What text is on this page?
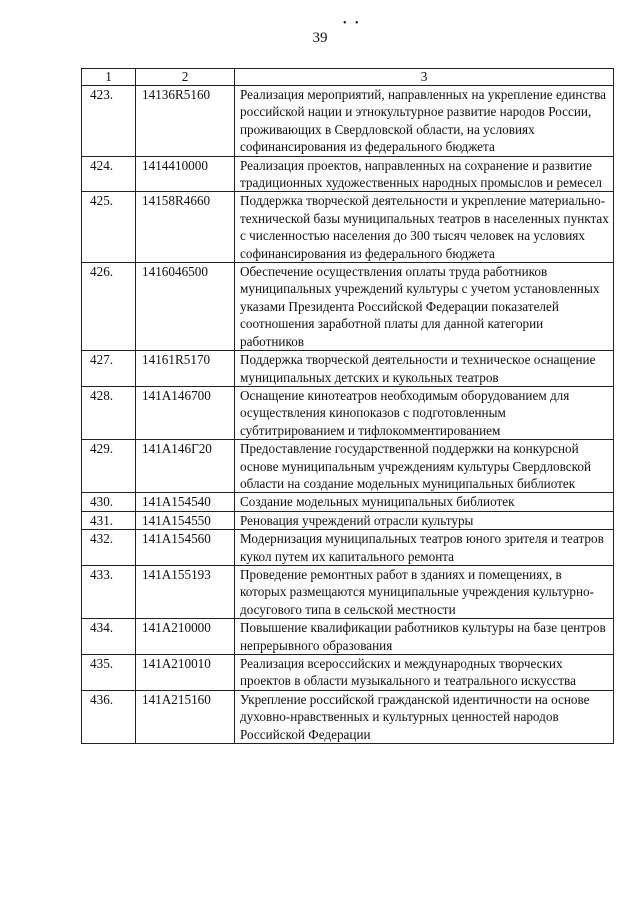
39
• •
1	2	3
423.	14136R5160	Реализация мероприятий, направленных на укрепление единства российской нации и этнокультурное развитие народов России, проживающих в Свердловской области, на условиях софинансирования из федерального бюджета
424.	1414410000	Реализация проектов, направленных на сохранение и развитие традиционных художественных народных промыслов и ремесел
425.	14158R4660	Поддержка творческой деятельности и укрепление материально-технической базы муниципальных театров в населенных пунктах с численностью населения до 300 тысяч человек на условиях софинансирования из федерального бюджета
426.	1416046500	Обеспечение осуществления оплаты труда работников муниципальных учреждений культуры с учетом установленных указами Президента Российской Федерации показателей соотношения заработной платы для данной категории работников
427.	14161R5170	Поддержка творческой деятельности и техническое оснащение муниципальных детских и кукольных театров
428.	141A146700	Оснащение кинотеатров необходимым оборудованием для осуществления кинопоказов с подготовленным субтитрированием и тифлокомментированием
429.	141A146Г20	Предоставление государственной поддержки на конкурсной основе муниципальным учреждениям культуры Свердловской области на создание модельных муниципальных библиотек
430.	141A154540	Создание модельных муниципальных библиотек
431.	141A154550	Реновация учреждений отрасли культуры
432.	141A154560	Модернизация муниципальных театров юного зрителя и театров кукол путем их капитального ремонта
433.	141A155193	Проведение ремонтных работ в зданиях и помещениях, в которых размещаются муниципальные учреждения культурно-досугового типа в сельской местности
434.	141A210000	Повышение квалификации работников культуры на базе центров непрерывного образования
435.	141A210010	Реализация всероссийских и международных творческих проектов в области музыкального и театрального искусства
436.	141A215160	Укрепление российской гражданской идентичности на основе духовно-нравственных и культурных ценностей народов Российской Федерации
